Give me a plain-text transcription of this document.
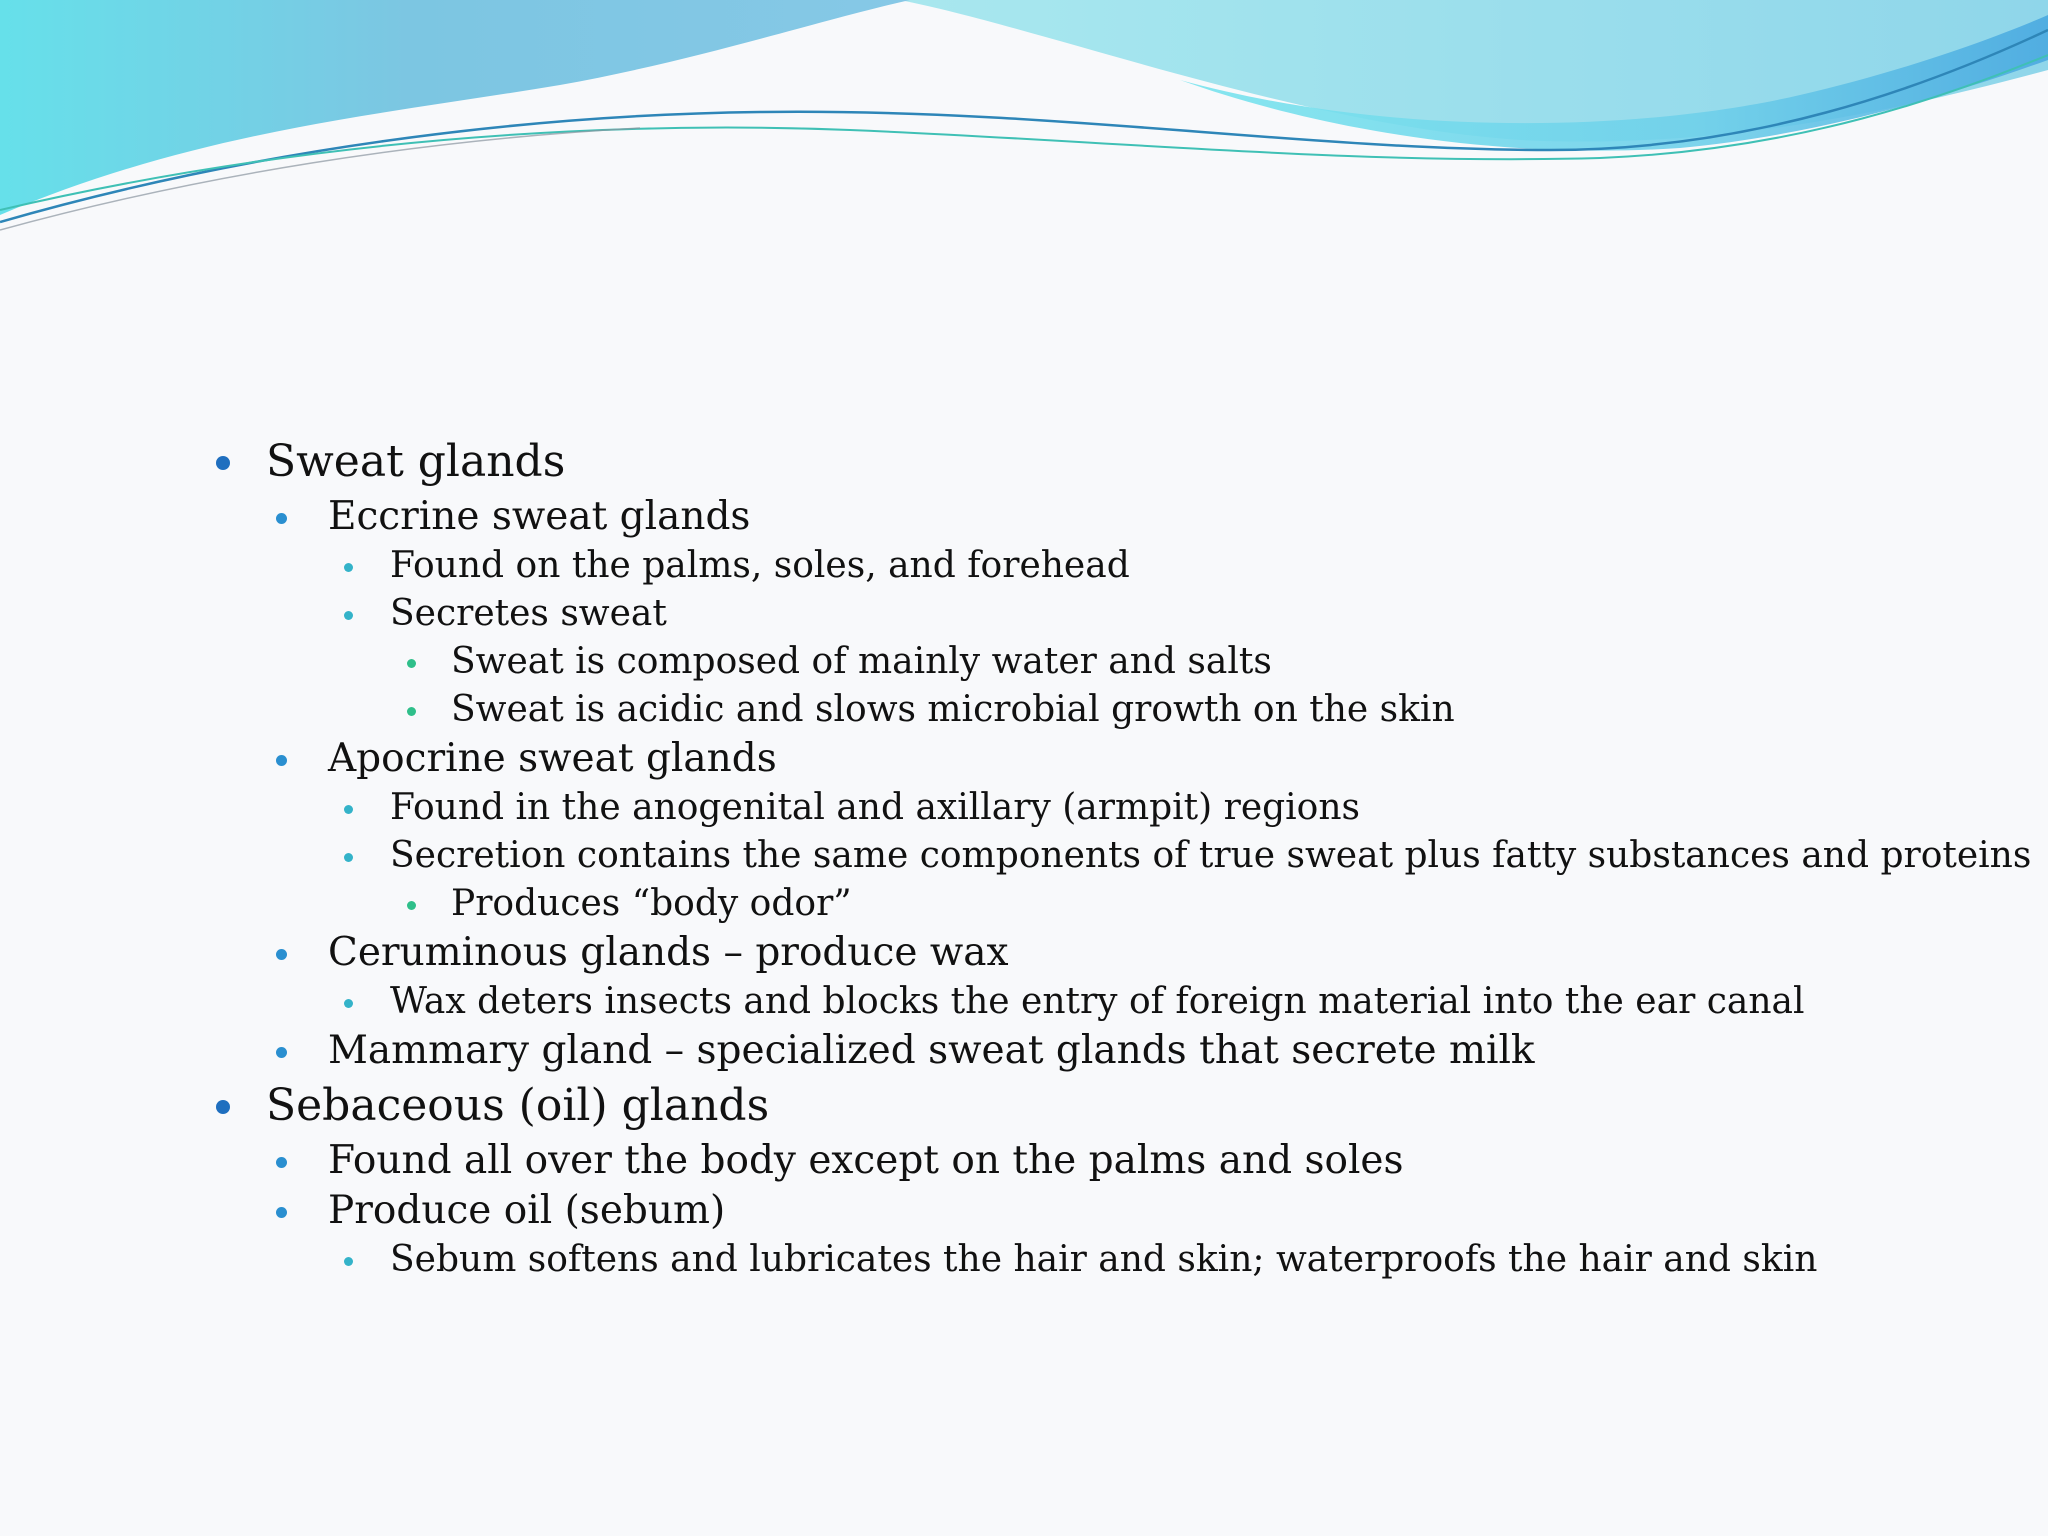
Sweat glands
Eccrine sweat glands
Found on the palms, soles, and forehead
Secretes sweat
Sweat is composed of mainly water and salts
Sweat is acidic and slows microbial growth on the skin
Apocrine sweat glands
Found in the anogenital and axillary (armpit) regions
Secretion contains the same components of true sweat plus fatty substances and proteins
Produces “body odor”
Ceruminous glands – produce wax
Wax deters insects and blocks the entry of foreign material into the ear canal
Mammary gland – specialized sweat glands that secrete milk
Sebaceous (oil) glands
Found all over the body except on the palms and soles
Produce oil (sebum)
Sebum softens and lubricates the hair and skin; waterproofs the hair and skin
